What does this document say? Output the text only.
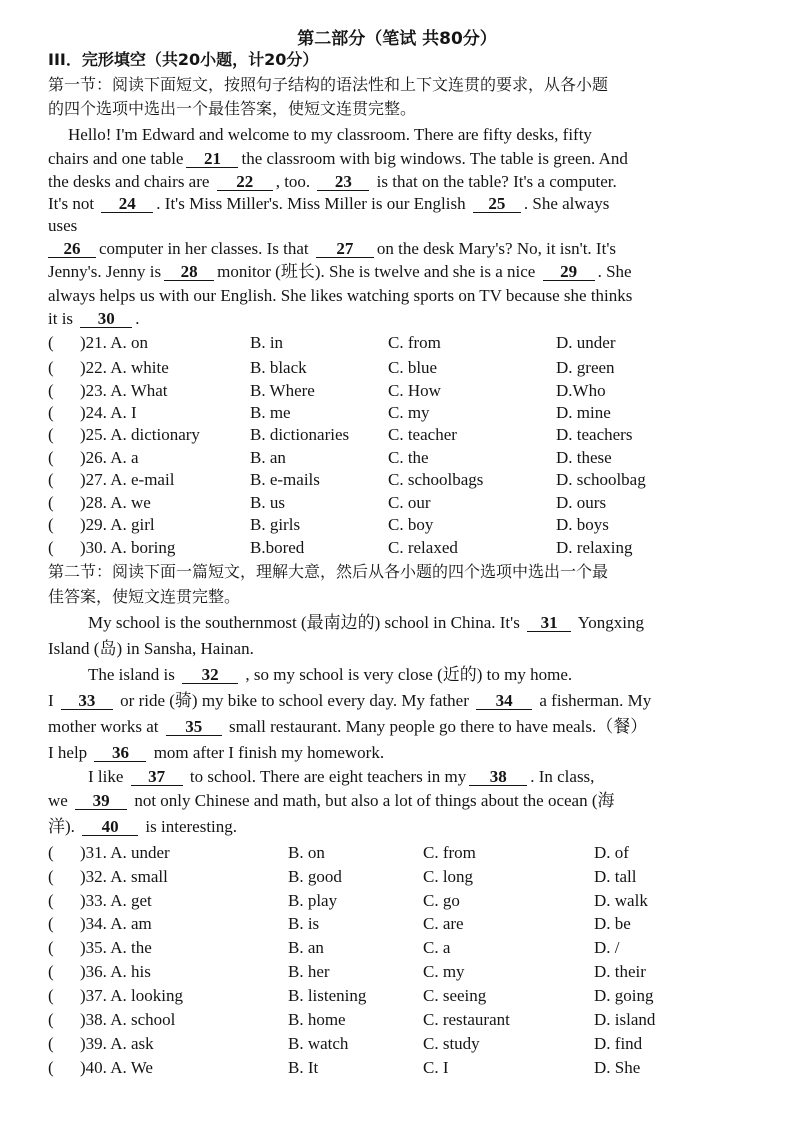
第二部分（笔试 共80分）
III．完形填空（共20小题，计20分）
第一节：阅读下面短文，按照句子结构的语法性和上下文连贯的要求，从各小题
的四个选项中选出一个最佳答案，使短文连贯完整。
Hello! I'm Edward and welcome to my classroom. There are fifty desks, fifty
chairs and one table 21 the classroom with big windows. The table is green. And
the desks and chairs are 22 , too. 23 is that on the table? It's a computer.
It's not 24 . It's Miss Miller's. Miss Miller is our English 25 . She always
uses
26 computer in her classes. Is that 27 on the desk Mary's? No, it isn't. It's
Jenny's. Jenny is 28 monitor (班长). She is twelve and she is a nice 29 . She
always helps us with our English. She likes watching sports on TV because she thinks
it is 30 .
( )21. A. on	B. in	C. from	D. under
( )22. A. white	B. black	C. blue	D. green
( )23. A. What	B. Where	C. How	D.Who
( )24. A. I	B. me	C. my	D. mine
( )25. A. dictionary	B. dictionaries C. teacher	D. teachers
( )26. A. a	B. an	C. the	D. these
( )27. A. e-mail	B. e-mails	C. schoolbags	D. schoolbag
( )28. A. we	B. us	C. our	D. ours
( )29. A. girl	B. girls	C. boy	D. boys
( )30. A. boring	B.bored	C. relaxed	D. relaxing
第二节：阅读下面一篇短文，理解大意，然后从各小题的四个选项中选出一个最
佳答案，使短文连贯完整。
My school is the southernmost (最南边的) school in China. It's 31 Yongxing
Island (岛) in Sansha, Hainan.
The island is 32 , so my school is very close (近的) to my home.
I 33 or ride (骑) my bike to school every day. My father 34 a fisherman. My
mother works at 35 small restaurant. Many people go there to have meals.（餐）
I help 36 mom after I finish my homework.
I like 37 to school. There are eight teachers in my 38 . In class,
we 39 not only Chinese and math, but also a lot of things about the ocean (海
洋). 40 is interesting.
( )31. A. under	B. on	C. from	D. of
( )32. A. small	B. good	C. long	D. tall
( )33. A. get	B. play	C. go	D. walk
( )34. A. am	B. is	C. are	D. be
( )35. A. the	B. an	C. a	D. /
( )36. A. his	B. her	C. my	D. their
( )37. A. looking	B. listening	C. seeing	D. going
( )38. A. school	B. home	C. restaurant	D. island
( )39. A. ask	B. watch	C. study	D. find
( )40. A. We	B. It	C. I	D. She
